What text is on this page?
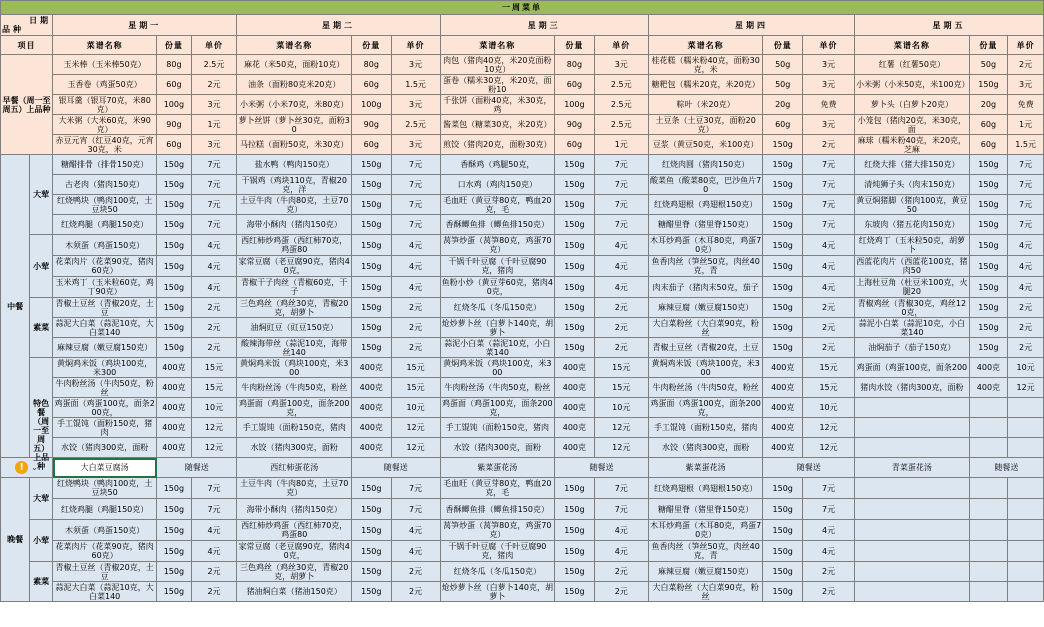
一周菜单																

日期
品种		星期一			星期二			星期三			星期四			星期五		

项目		菜谱名称	份量	单价	菜谱名称	份量	单价	菜谱名称	份量	单价	菜谱名称	份量	单价	菜谱名称	份量	单价

早餐（周一至周五）上品种		玉米棒（玉米棒50克）	80g	2.5元	麻花（米50克，面粉10克）	80g	3元	肉包（猪肉40克，米20克面粉10克）	80g	3元	桂花糕（糯米粉40克，面粉30克，米	50g	3元	红薯（红薯50克）	50g	2元

		玉香卷（鸡蛋50克）	60g	2元	油条（面粉80克米20克）	60g	1.5元	蛋卷（糯米30克，米20克，面粉10	60g	2.5元	糖粑包（糯米20克，米20克）	50g	3元	小米粥（小米50克，米100克）	150g	3元

		银耳羹（银耳70克，米80克）	100g	3元	小米粥（小米70克，米80克）	100g	3元	千张饼（面粉40克，米30克，鸡	100g	2.5元	粽叶（米20克）	20g	免费	萝卜头（白萝卜20克）	20g	免费

		大米粥（大米60克，米90克）	90g	1元	萝卜丝饼（萝卜丝30克，面粉30	90g	2.5元	酱菜包（糖菜30克，米20克）	90g	2.5元	土豆条（土豆30克，面粉20克）	60g	3元	小笼包（猪肉20克，米30克，面	60g	1元

		赤豆元宵（红豆40克，元宵30克，米	60g	3元	马拉糕（面粉50克，米30克）	60g	3元	煎饺（猪肉20克，面粉30克）	60g	1元	豆浆（黄豆50克，米100克）	150g	2元	麻球（糯米粉40克，米20克，芝麻	60g	1.5元

中餐	大荤	糖醋排骨（排骨150克）	150g	7元	盐水鸭（鸭肉150克）	150g	7元	香酥鸡（鸡腿50克，	150g	7元	红烧肉圆（猪肉150克）	150g	7元	红烧大排（猪大排150克）	150g	7元

		古老肉（猪肉150克）	150g	7元	干锅鸡（鸡块110克，青椒20克，洋	150g	7元	口水鸡（鸡肉150克）	150g	7元	酸菜鱼（酸菜80克，巴沙鱼片70	150g	7元	清炖狮子头（肉末150克）	150g	7元

		红烧鸭块（鸭肉100克，土豆块50	150g	7元	土豆牛肉（牛肉80克，土豆70克）	150g	7元	毛血旺（黄豆芽80克，鸭血20克，毛	150g	7元	红烧鸡翅根（鸡翅根150克）	150g	7元	黄豆焖猪脚（猪肉100克，黄豆50	150g	7元

		红烧鸡腿（鸡腿150克）	150g	7元	海带小酥肉（猪肉150克）	150g	7元	香酥鲫鱼排（鲫鱼排150克）	150g	7元	糖醋里脊（猪里脊150克）	150g	7元	东坡肉（猪五花肉150克）	150g	7元

	小荤	木须蛋（鸡蛋150克）	150g	4元	西红柿炒鸡蛋（西红柿70克，鸡蛋80	150g	4元	莴笋炒蛋（莴笋80克，鸡蛋70克）	150g	4元	木耳炒鸡蛋（木耳80克，鸡蛋70克）	150g	4元	红烧鸡丁（玉米粒50克，胡萝卜	150g	4元

		花菜肉片（花菜90克，猪肉60克）	150g	4元	家常豆腐（老豆腐90克，猪肉40克，	150g	4元	干锅千叶豆腐（千叶豆腐90克，猪肉	150g	4元	鱼香肉丝（笋丝50克，肉丝40克，青	150g	4元	西蓝花肉片（西蓝花100克，猪肉50	150g	4元

		玉米鸡丁（玉米粒60克，鸡丁90克）	150g	4元	青椒干子肉丝（青椒60克，干子	150g	4元	鱼粉小炒（黄豆芽60克，猪肉40克，	150g	4元	肉末茄子（猪肉末50克，茄子	150g	4元	上海杜豆角（杜豆米100克，火腿20	150g	4元

	素菜	青椒土豆丝（青椒20克，土豆	150g	2元	三色鸡丝（鸡丝30克，青椒20克，胡萝卜	150g	2元	红烧冬瓜（冬瓜150克）	150g	2元	麻辣豆腐（嫩豆腐150克）	150g	2元	青椒鸡丝（青椒30克，鸡丝120克，	150g	2元

		蒜泥大白菜（蒜泥10克，大白菜140	150g	2元	油焖豇豆（豇豆150克）	150g	2元	炝炒萝卜丝（白萝卜140克，胡萝卜	150g	2元	大白菜粉丝（大白菜90克，粉丝	150g	2元	蒜泥小白菜（蒜泥10克，小白菜140	150g	2元

		麻辣豆腐（嫩豆腐150克）	150g	2元	酸辣海带丝（蒜泥10克，海带丝140	150g	2元	蒜泥小白菜（蒜泥10克，小白菜140	150g	2元	青椒土豆丝（青椒20克，土豆	150g	2元	油焖茄子（茄子150克）	150g	2元

	特色餐（周一至周五）上品种	黄焖鸡米饭（鸡块100克，米300	400克	15元	黄焖鸡米饭（鸡块100克，米300	400克	15元	黄焖鸡米饭（鸡块100克，米300	400克	15元	黄焖鸡米饭（鸡块100克，米300	400克	15元	鸡蛋面（鸡蛋100克，面条200	400克	10元

		牛肉粉丝汤（牛肉50克，粉丝	400克	15元	牛肉粉丝汤（牛肉50克，粉丝	400克	15元	牛肉粉丝汤（牛肉50克，粉丝	400克	15元	牛肉粉丝汤（牛肉50克，粉丝	400克	15元	猪肉水饺（猪肉300克，面粉	400克	12元

		鸡蛋面（鸡蛋100克，面条200克，	400克	10元	鸡蛋面（鸡蛋100克，面条200克，	400克	10元	鸡蛋面（鸡蛋100克，面条200克，	400克	10元	鸡蛋面（鸡蛋100克，面条200克，	400克	10元			

		手工馄饨（面粉150克，猪肉	400克	12元	手工馄饨（面粉150克，猪肉	400克	12元	手工馄饨（面粉150克，猪肉	400克	12元	手工馄饨（面粉150克，猪肉	400克	12元			

		水饺（猪肉300克，面粉	400克	12元	水饺（猪肉300克，面粉	400克	12元	水饺（猪肉300克，面粉	400克	12元	水饺（猪肉300克，面粉	400克	12元			

! ⌄		大白菜豆腐汤	随餐送		西红柿蛋花汤	随餐送		紫菜蛋花汤	随餐送		紫菜蛋花汤	随餐送		青菜蛋花汤	随餐送	

晚餐	大荤	红烧鸭块（鸭肉100克，土豆块50	150g	7元	土豆牛肉（牛肉80克，土豆70克）	150g	7元	毛血旺（黄豆芽80克，鸭血20克，毛	150g	7元	红烧鸡翅根（鸡翅根150克）	150g	7元			

		红烧鸡腿（鸡腿150克）	150g	7元	海带小酥肉（猪肉150克）	150g	7元	香酥鲫鱼排（鲫鱼排150克）	150g	7元	糖醋里脊（猪里脊150克）	150g	7元			

	小荤	木须蛋（鸡蛋150克）	150g	4元	西红柿炒鸡蛋（西红柿70克，鸡蛋80	150g	4元	莴笋炒蛋（莴笋80克，鸡蛋70克）	150g	4元	木耳炒鸡蛋（木耳80克，鸡蛋70克）	150g	4元			

		花菜肉片（花菜90克，猪肉60克）	150g	4元	家常豆腐（老豆腐90克，猪肉40克，	150g	4元	干锅千叶豆腐（千叶豆腐90克，猪肉	150g	4元	鱼香肉丝（笋丝50克，肉丝40克，青	150g	4元			

	素菜	青椒土豆丝（青椒20克，土豆	150g	2元	三色鸡丝（鸡丝30克，青椒20克，胡萝卜	150g	2元	红烧冬瓜（冬瓜150克）	150g	2元	麻辣豆腐（嫩豆腐150克）	150g	2元			

		蒜泥大白菜（蒜泥10克，大白菜140	150g	2元	猪油焖白菜（猪油150克）	150g	2元	炝炒萝卜丝（白萝卜140克，胡萝卜	150g	2元	大白菜粉丝（大白菜90克，粉丝	150g	2元			
